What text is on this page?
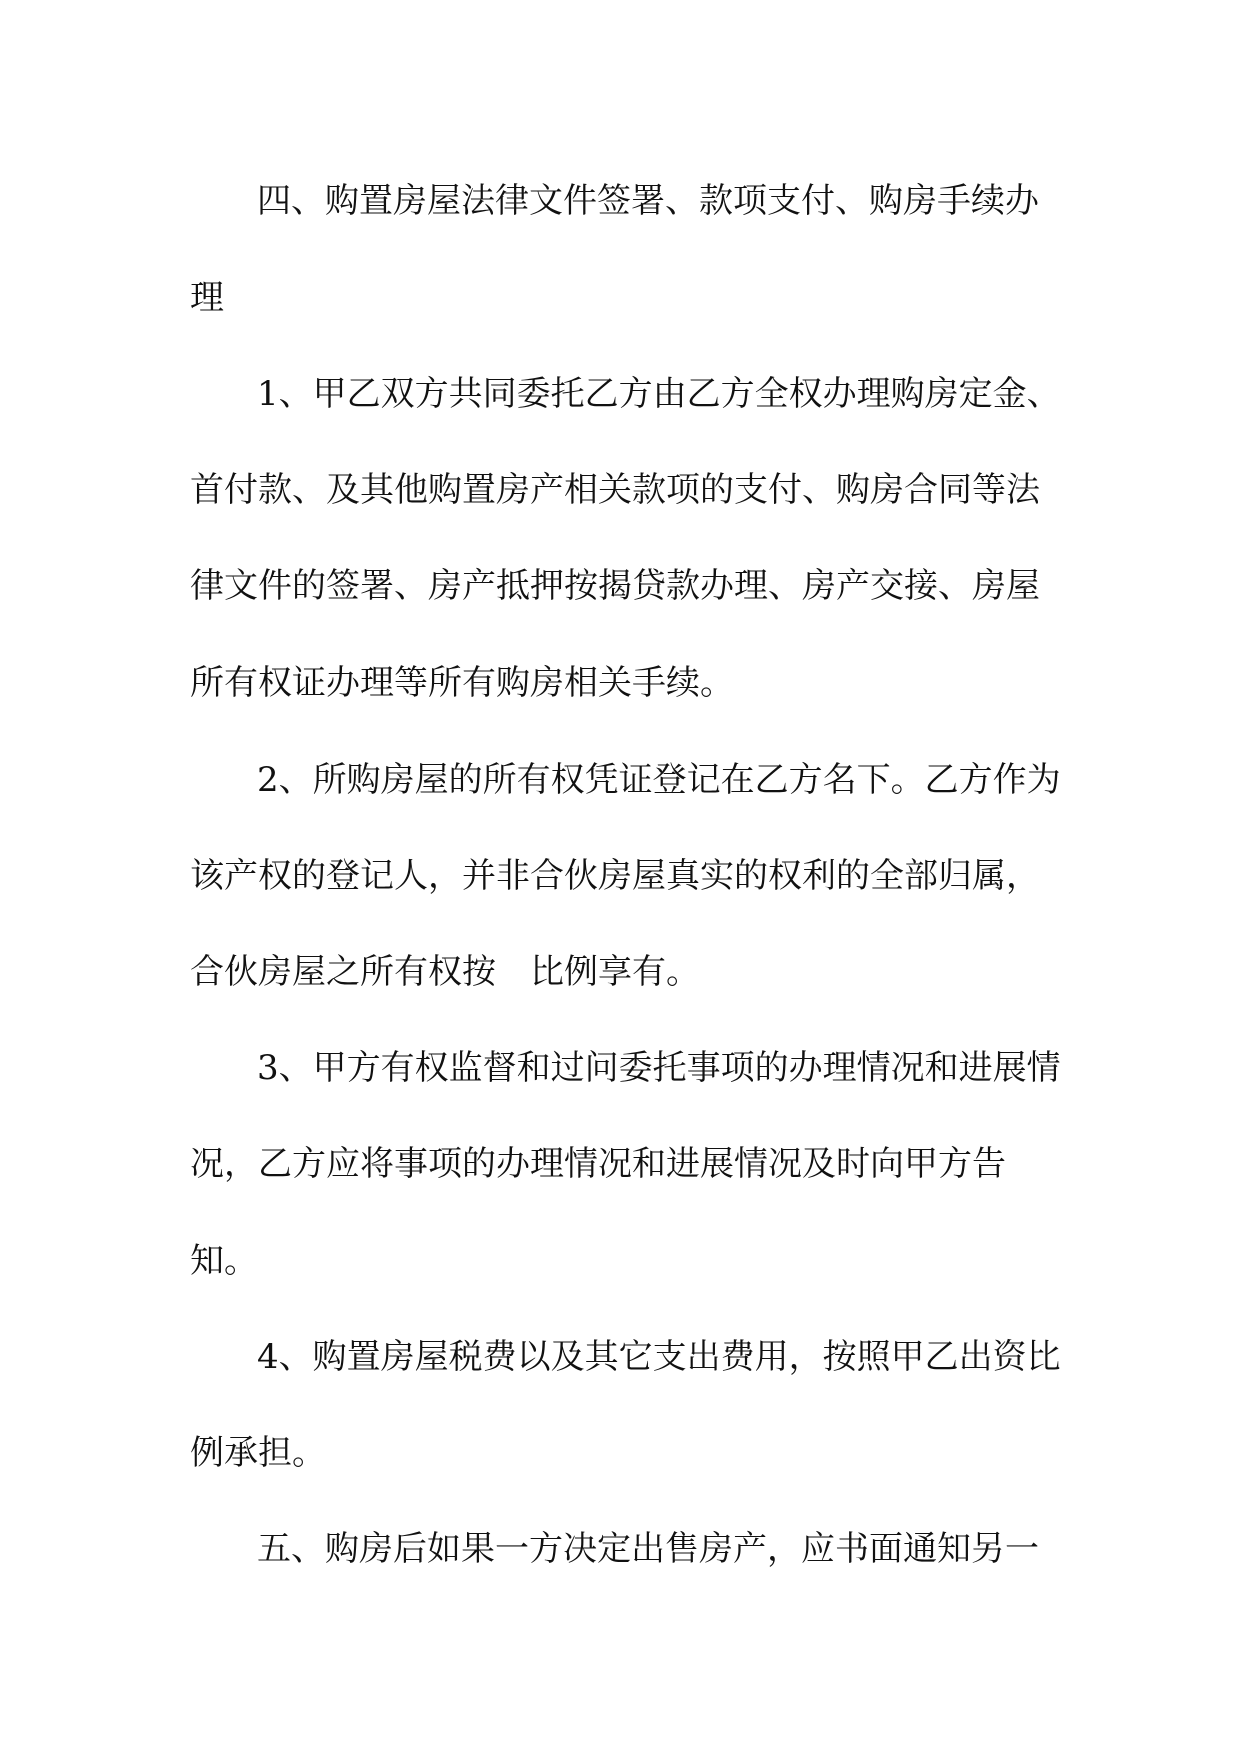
四、购置房屋法律文件签署、款项支付、购房手续办

理

1、甲乙双方共同委托乙方由乙方全权办理购房定金、

首付款、及其他购置房产相关款项的支付、购房合同等法

律文件的签署、房产抵押按揭贷款办理、房产交接、房屋

所有权证办理等所有购房相关手续。

2、所购房屋的所有权凭证登记在乙方名下。乙方作为

该产权的登记人，并非合伙房屋真实的权利的全部归属，

合伙房屋之所有权按　比例享有。

3、甲方有权监督和过问委托事项的办理情况和进展情

况，乙方应将事项的办理情况和进展情况及时向甲方告

知。

4、购置房屋税费以及其它支出费用，按照甲乙出资比

例承担。

五、购房后如果一方决定出售房产，应书面通知另一
